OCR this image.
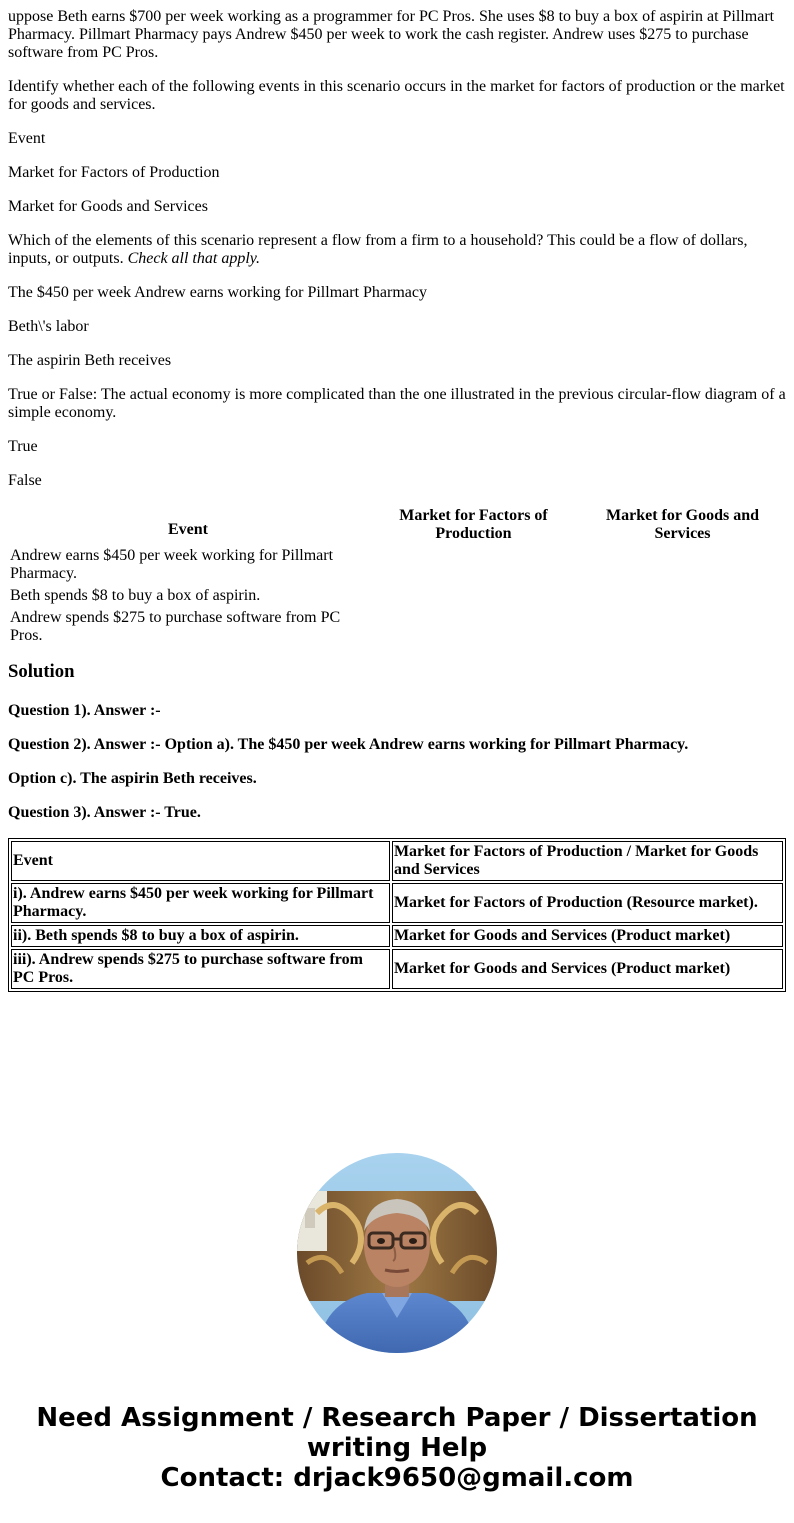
uppose Beth earns $700 per week working as a programmer for PC Pros. She uses $8 to buy a box of aspirin at Pillmart Pharmacy. Pillmart Pharmacy pays Andrew $450 per week to work the cash register. Andrew uses $275 to purchase software from PC Pros.

Identify whether each of the following events in this scenario occurs in the market for factors of production or the market for goods and services.

Event

Market for Factors of Production

Market for Goods and Services

Which of the elements of this scenario represent a flow from a firm to a household? This could be a flow of dollars, inputs, or outputs. Check all that apply.

The $450 per week Andrew earns working for Pillmart Pharmacy

Beth\'s labor

The aspirin Beth receives

True or False: The actual economy is more complicated than the one illustrated in the previous circular-flow diagram of a simple economy.

True

False

Event	Market for Factors of Production	Market for Goods and Services
Andrew earns $450 per week working for Pillmart Pharmacy.		
Beth spends $8 to buy a box of aspirin.		
Andrew spends $275 to purchase software from PC Pros.		
Solution

Question 1). Answer :-

Question 2). Answer :- Option a). The $450 per week Andrew earns working for Pillmart Pharmacy.

Option c). The aspirin Beth receives.

Question 3). Answer :- True.

Event	Market for Factors of Production / Market for Goods and Services
i). Andrew earns $450 per week working for Pillmart Pharmacy.	Market for Factors of Production (Resource market).
ii). Beth spends $8 to buy a box of aspirin.	Market for Goods and Services (Product market)
iii). Andrew spends $275 to purchase software from PC Pros.	Market for Goods and Services (Product market)
Need Assignment / Research Paper / Dissertation
writing Help
Contact: drjack9650@gmail.com
